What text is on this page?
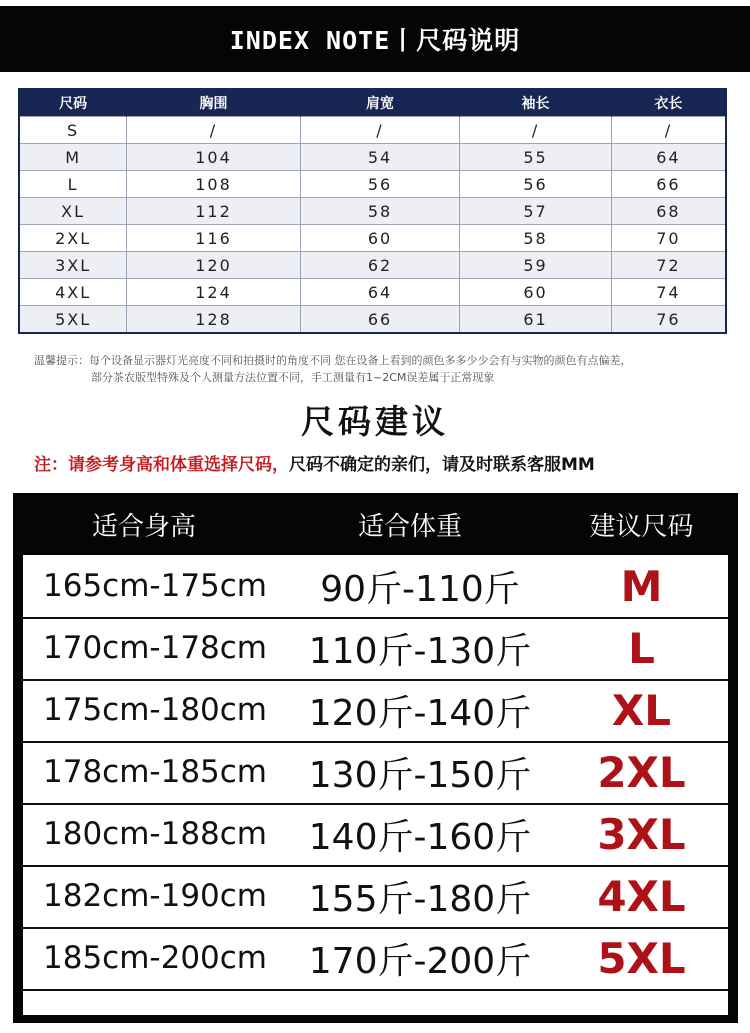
INDEX NOTE丨尺码说明
尺码	胸围	肩宽	袖长	衣长
S	/	/	/	/
M	104	54	55	64
L	108	56	56	66
XL	112	58	57	68
2XL	116	60	58	70
3XL	120	62	59	72
4XL	124	64	60	74
5XL	128	66	61	76
温馨提示：每个设备显示器灯光亮度不同和拍摄时的角度不同 您在设备上看到的颜色多多少少会有与实物的颜色有点偏差，
部分茶农版型特殊及个人测量方法位置不同，手工测量有1~2CM误差属于正常现象
尺码建议
注：请参考身高和体重选择尺码，尺码不确定的亲们，请及时联系客服MM
适合身高	适合体重	建议尺码
165cm-175cm	90斤-110斤	M
170cm-178cm	110斤-130斤	L
175cm-180cm	120斤-140斤	XL
178cm-185cm	130斤-150斤	2XL
180cm-188cm	140斤-160斤	3XL
182cm-190cm	155斤-180斤	4XL
185cm-200cm	170斤-200斤	5XL
